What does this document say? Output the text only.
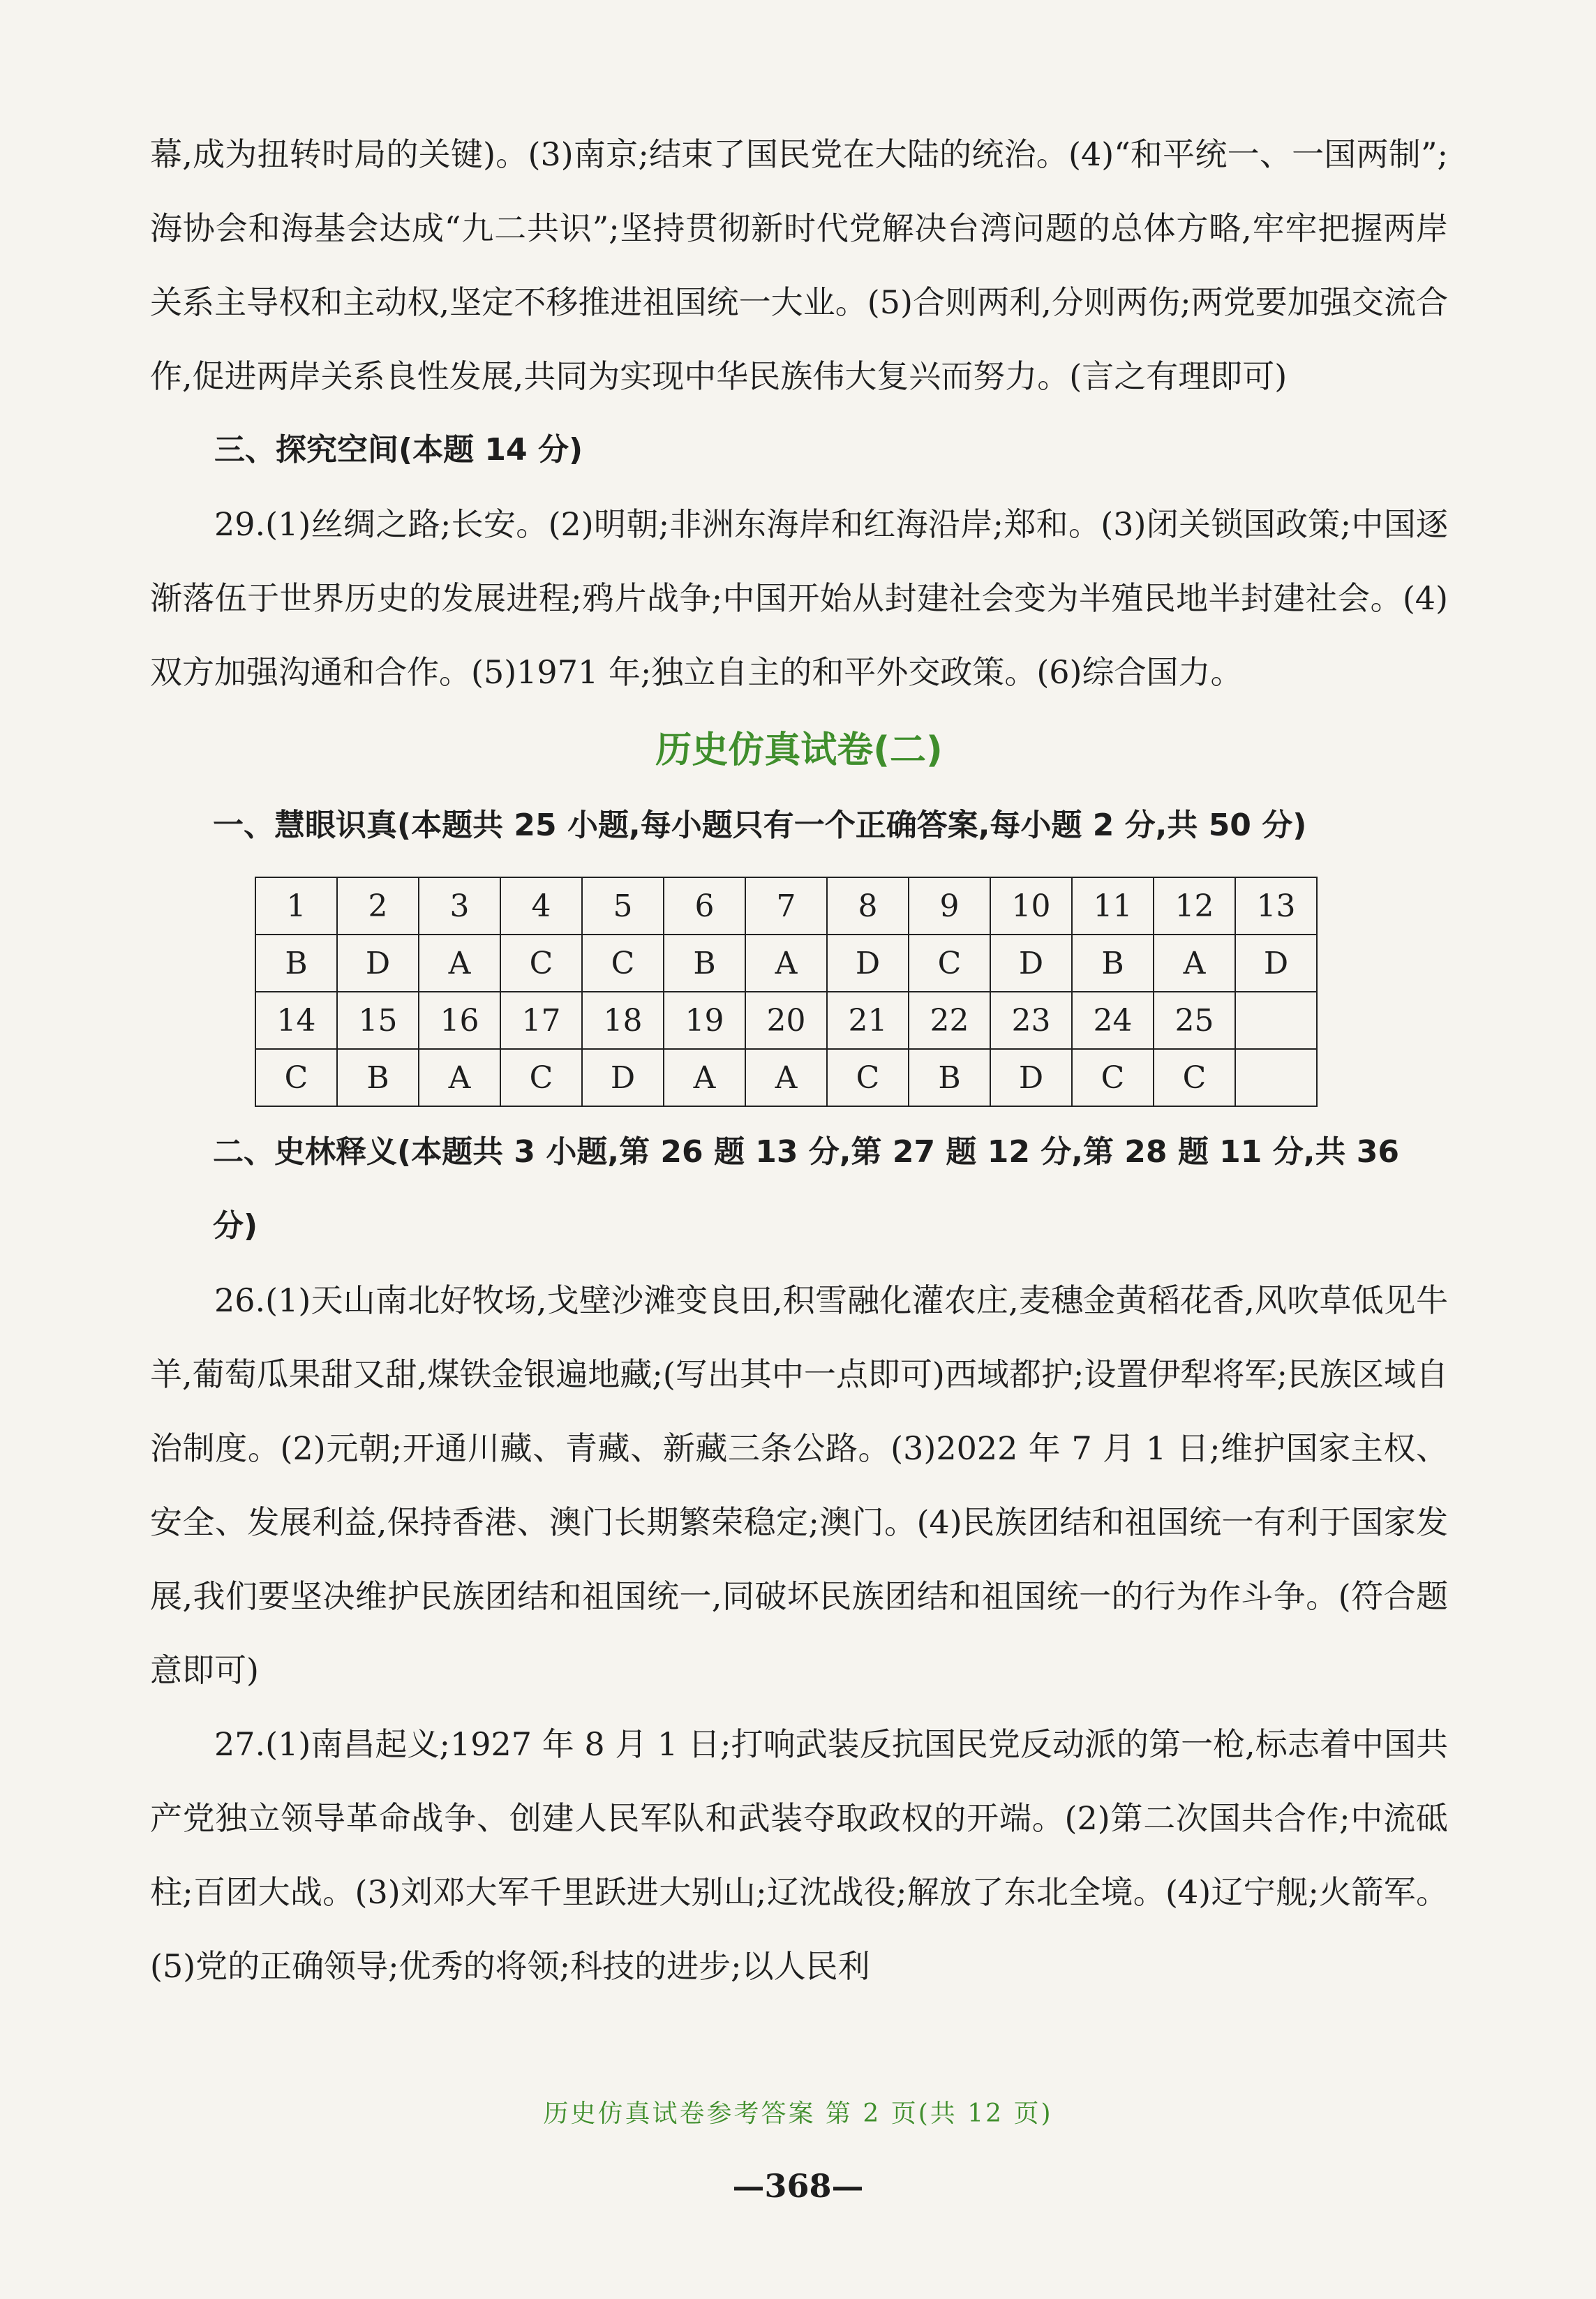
幕,成为扭转时局的关键)。(3)南京;结束了国民党在大陆的统治。(4)“和平统一、一国两制”;海协会和海基会达成“九二共识”;坚持贯彻新时代党解决台湾问题的总体方略,牢牢把握两岸关系主导权和主动权,坚定不移推进祖国统一大业。(5)合则两利,分则两伤;两党要加强交流合作,促进两岸关系良性发展,共同为实现中华民族伟大复兴而努力。(言之有理即可)

三、探究空间(本题 14 分)

29.(1)丝绸之路;长安。(2)明朝;非洲东海岸和红海沿岸;郑和。(3)闭关锁国政策;中国逐渐落伍于世界历史的发展进程;鸦片战争;中国开始从封建社会变为半殖民地半封建社会。(4)双方加强沟通和合作。(5)1971 年;独立自主的和平外交政策。(6)综合国力。

历史仿真试卷(二)

一、慧眼识真(本题共 25 小题,每小题只有一个正确答案,每小题 2 分,共 50 分)

1	2	3	4	5	6	7	8	9	10	11	12	13
B	D	A	C	C	B	A	D	C	D	B	A	D
14	15	16	17	18	19	20	21	22	23	24	25	
C	B	A	C	D	A	A	C	B	D	C	C	

二、史林释义(本题共 3 小题,第 26 题 13 分,第 27 题 12 分,第 28 题 11 分,共 36 分)

26.(1)天山南北好牧场,戈壁沙滩变良田,积雪融化灌农庄,麦穗金黄稻花香,风吹草低见牛羊,葡萄瓜果甜又甜,煤铁金银遍地藏;(写出其中一点即可)西域都护;设置伊犁将军;民族区域自治制度。(2)元朝;开通川藏、青藏、新藏三条公路。(3)2022 年 7 月 1 日;维护国家主权、安全、发展利益,保持香港、澳门长期繁荣稳定;澳门。(4)民族团结和祖国统一有利于国家发展,我们要坚决维护民族团结和祖国统一,同破坏民族团结和祖国统一的行为作斗争。(符合题意即可)

27.(1)南昌起义;1927 年 8 月 1 日;打响武装反抗国民党反动派的第一枪,标志着中国共产党独立领导革命战争、创建人民军队和武装夺取政权的开端。(2)第二次国共合作;中流砥柱;百团大战。(3)刘邓大军千里跃进大别山;辽沈战役;解放了东北全境。(4)辽宁舰;火箭军。(5)党的正确领导;优秀的将领;科技的进步;以人民利

历史仿真试卷参考答案 第 2 页(共 12 页)
—368—
